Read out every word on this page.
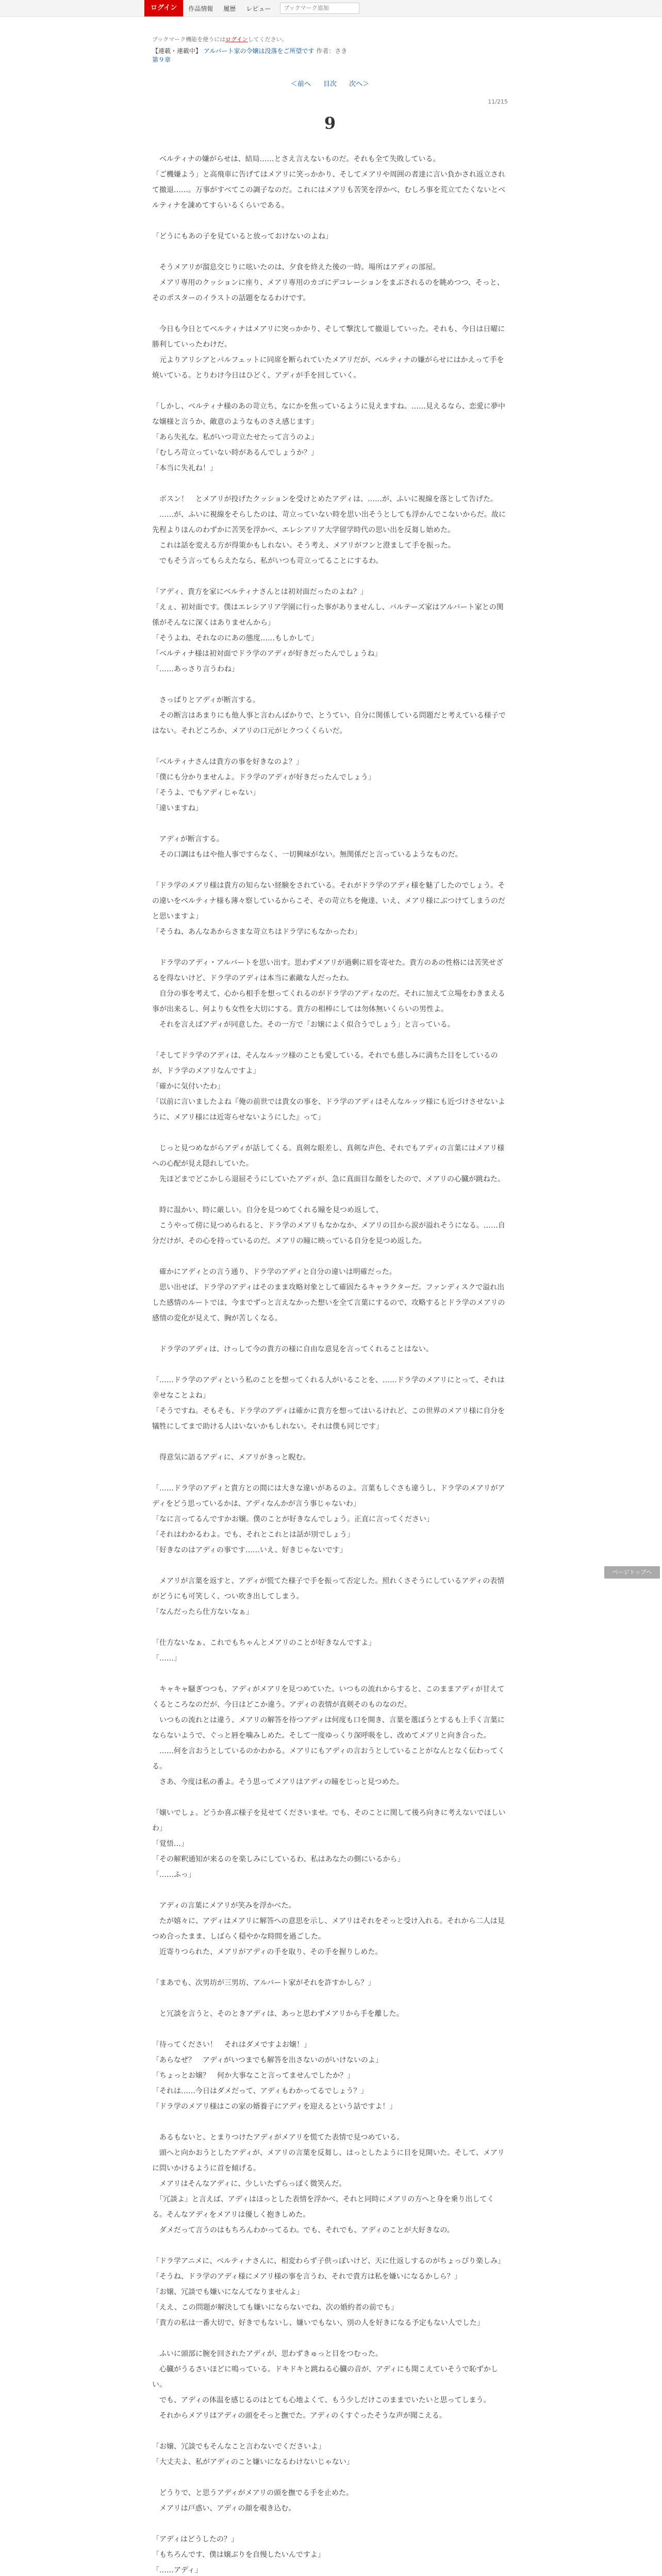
ログイン	作品情報	履歴	レビュー
ブックマーク追加
ブックマーク機能を使うにはログインしてください。
【連載・連載中】 アルバート家の令嬢は没落をご所望です 作者：さき
第９章
＜前へ 目次 次へ＞
11/215
9

　ベルティナの嫌がらせは、結局……とさえ言えないものだ。それも全て失敗している。
「ご機嫌よう」と高飛車に告げてはメアリに笑っかかり、そしてメアリや周囲の者達に言い負かされ返立されて撤退……。万事がすべてこの調子なのだ。これにはメアリも苦笑を浮かべ、むしろ事を荒立てたくないとベルティナを諌めてすらいるくらいである。

「どうにもあの子を見ていると放っておけないのよね」

　そうメアリが溜息交じりに呟いたのは、夕食を終えた後の一時。場所はアディの部屋。
　メアリ専用のクッションに座り、メアリ専用のカゴにデコレーションをまぶされるのを眺めつつ、そっと、そのポスターのイラストの話題をなるわけです。

　今日も今日とてベルティナはメアリに突っかかり、そして撃沈して撤退していった。それも、今日は日曜に勝利していったわけだ。
　元よりアリシアとパルフェットに同席を断られていたメアリだが、ベルティナの嫌がらせにはかえって手を焼いている。とりわけ今日はひどく、アディが手を回していく。

「しかし、ベルティナ様のあの苛立ち、なにかを焦っているように見えますね。……見えるなら、恋愛に夢中な嬢様と言うか、敵意のようなものさえ感じます」
「あら失礼な。私がいつ苛立たせたって言うのよ」
「むしろ苛立っていない時があるんでしょうか？」
「本当に失礼ね！」

　ボスン！　とメアリが投げたクッションを受けとめたアディは、……が、ふいに視線を落として告げた。
　……が、ふいに視線をそらしたのは、苛立っていない時を思い出そうとしても浮かんでこないからだ。故に先程よりほんのわずかに苦笑を浮かべ、エレシアリア大学留学時代の思い出を反芻し始めた。
　これは話を変える方が得策かもしれない。そう考え、メアリがフンと澄まして手を振った。
　でもそう言ってもらえたなら、私がいつも苛立ってることにするわ。

「アディ、貴方を家にベルティナさんとは初対面だったのよね？」
「えぇ、初対面です。僕はエレシアリア学園に行った事がありませんし、バルテーズ家はアルバート家との関係がそんなに深くはありませんから」
「そうよね、それなのにあの態度……もしかして」
「ベルティナ様は初対面でドラ学のアディが好きだったんでしょうね」
「……あっさり言うわね」

　さっぱりとアディが断言する。
　その断言はあまりにも他人事と言わんばかりで、とうてい、自分に関係している問題だと考えている様子ではない。それどころか、メアリの口元がヒクつくくらいだ。

「ベルティナさんは貴方の事を好きなのよ？」
「僕にも分かりませんよ。ドラ学のアディが好きだったんでしょう」
「そうよ、でもアディじゃない」
「違いますね」

　アディが断言する。
　その口調はもはや他人事ですらなく、一切興味がない。無関係だと言っているようなものだ。

「ドラ学のメアリ様は貴方の知らない経験をされている。それがドラ学のアディ様を魅了したのでしょう。その違いをベルティナ様も薄々察しているからこそ、その苛立ちを俺達、いえ、メアリ様にぶつけてしまうのだと思いますよ」
「そうね、あんなあからさまな苛立ちはドラ学にもなかったわ」

　ドラ学のアディ・アルバートを思い出す。思わずメアリが過剰に眉を寄せた。貴方のあの性格には苦笑せざるを得ないけど、ドラ学のアディは本当に素敵な人だったわ。
　自分の事を考えて、心から相手を想ってくれるのがドラ学のアディなのだ。それに加えて立場をわきまえる事が出来るし、何よりも女性を大切にする。貴方の相棒にしては勿体無いくらいの男性よ。
　それを言えばアディが同意した。その一方で「お嬢によく似合うでしょう」と言っている。

「そしてドラ学のアディは、そんなルッツ様のことも愛している。それでも慈しみに満ちた目をしているのが、ドラ学のメアリなんですよ」
「確かに気付いたわ」
「以前に言いましたよね『俺の前世では貴女の事を、ドラ学のアディはそんなルッツ様にも近づけさせないように、メアリ様には近寄らせないようにした』って」

　じっと見つめながらアディが話してくる。真剣な眼差し、真剣な声色、それでもアディの言葉にはメアリ様への心配が見え隠れしていた。
　先ほどまでどこかしら退屈そうにしていたアディが、急に真面目な顔をしたので、メアリの心臓が跳ねた。

　時に温かい、時に厳しい。自分を見つめてくれる瞳を見つめ返して、
　こうやって傍に見つめられると、ドラ学のメアリもなかなか、メアリの目から涙が溢れそうになる。……自分だけが、その心を持っているのだ。メアリの瞳に映っている自分を見つめ返した。

　確かにアディとの言う通り、ドラ学のアディと自分の違いは明確だった。
　思い出せば、ドラ学のアディはそのまま攻略対象として確固たるキャラクターだ。ファンディスクで溢れ出した感情のルートでは、今までずっと言えなかった想いを全て言葉にするので、攻略するとドラ学のメアリの感情の変化が見えて、胸が苦しくなる。

　ドラ学のアディは、けっして今の貴方の様に自由な意見を言ってくれることはない。

「……ドラ学のアディという私のことを想ってくれる人がいることを、……ドラ学のメアリにとって、それは幸せなことよね」
「そうですね。そもそも、ドラ学のアディは確かに貴方を想ってはいるけれど、この世界のメアリ様に自分を犠牲にしてまで助ける人はいないかもしれない。それは僕も同じです」

　得意気に語るアディに、メアリがきっと睨む。

「……ドラ学のアディと貴方との間には大きな違いがあるのよ。言葉もしぐさも違うし、ドラ学のメアリがアディをどう思っているかは、アディなんかが言う事じゃないわ」
「なに言ってるんですかお嬢。僕のことが好きなんでしょう。正直に言ってください」
「それはわかるわよ。でも、それとこれとは話が別でしょう」
「好きなのはアディの事です……いえ、好きじゃないです」

　メアリが言葉を返すと、アディが慌てた様子で手を振って否定した。照れくさそうにしているアディの表情がどうにも可笑しく、つい吹き出してしまう。
「なんだったら仕方ないなぁ」

「仕方ないなぁ、これでもちゃんとメアリのことが好きなんですよ」
「……」

　キャキャ騒ぎつつも、アディがメアリを見つめていた。いつもの流れからすると、このままアディが甘えてくるところなのだが、今日はどこか違う。アディの表情が真剣そのものなのだ。
　いつもの流れとは違う、メアリの解答を待つアディは何度も口を開き、言葉を選ぼうとするも上手く言葉にならないようで、ぐっと唇を噛みしめた。そして一度ゆっくり深呼吸をし、改めてメアリと向き合った。
　……何を言おうとしているのかわかる。メアリにもアディの言おうとしていることがなんとなく伝わってくる。
　さあ、今度は私の番よ。そう思ってメアリはアディの瞳をじっと見つめた。

「嬢いでしょ。どうか喜ぶ様子を見せてくださいませ。でも、そのことに関して後ろ向きに考えないでほしいわ」
「覚悟…」
「その解釈通知が来るのを楽しみにしているわ、私はあなたの側にいるから」
「……ふっ」

　アディの言葉にメアリが笑みを浮かべた。
　たが嬉々に、アディはメアリに解答への意思を示し、メアリはそれをそっと受け入れる。それから二人は見つめ合ったまま、しばらく穏やかな時間を過ごした。
　近寄りつられた、メアリがアディの手を取り、その手を握りしめた。

「まあでも、次男坊が三男坊、アルバート家がそれを許すかしら？」

　と冗談を言うと、そのときアディは、あっと思わずメアリから手を離した。

「待ってください！　それはダメですよお嬢！」
「あらなぜ？　アディがいつまでも解答を出さないのがいけないのよ」
「ちょっとお嬢？　何か大事なこと言ってませんでしたか？」
「それは……今日はダメだって、アディもわかってるでしょう？」
「ドラ学のメアリ様はこの家の婿養子にアディを迎えるという話ですよ！」

　あるもないと、とまりつけたアディがメアリを慌てた表情で見つめている。
　頭へと向かおうとしたアディが、メアリの言葉を反芻し、はっとしたように目を見開いた。そして、メアリに問いかけるように首を傾げる。
　メアリはそんなアディに、少しいたずらっぽく微笑んだ。
　「冗談よ」と言えば、アディはほっとした表情を浮かべ、それと同時にメアリの方へと身を乗り出してくる。そんなアディをメアリは優しく抱きしめた。
　ダメだって言うのはもちろんわかってるわ。でも、それでも、アディのことが大好きなの。

「ドラ学アニメに、ベルティナさんに、相変わらず子供っぽいけど、天に仕返しするのがちょっぴり楽しみ」
「そうね、ドラ学のアディ様にメアリ様の事を言うわ、それで貴方は私を嫌いになるかしら？」
「お嬢、冗談でも嫌いになんてなりませんよ」
「ええ、この問題が解決しても嫌いにならないでね、次の婚約者の前でも」
「貴方の私は一番大切で、好きでもないし、嫌いでもない、別の人を好きになる予定もない人でした」

　ふいに頭部に腕を回されたアディが、思わずきゅっと目をつむった。
　心臓がうるさいほどに鳴っている。ドキドキと跳ねる心臓の音が、アディにも聞こえていそうで恥ずかしい。
　でも、アディの体温を感じるのはとても心地よくて、もう少しだけこのままでいたいと思ってしまう。
　それからメアリはアディの頭をそっと撫でた。アディのくすぐったそうな声が聞こえる。

「お嬢、冗談でもそんなこと言わないでくださいよ」
「大丈夫よ、私がアディのこと嫌いになるわけないじゃない」

　どうりで、と思うアディがメアリの頭を撫でる手を止めた。
　メアリは戸惑い、アディの顔を覗き込む。

「アディはどうしたの？」
「もちろんです、僕は嬢ぶりを自慢したいんですよ」
「……アディ」

ページトップへ
